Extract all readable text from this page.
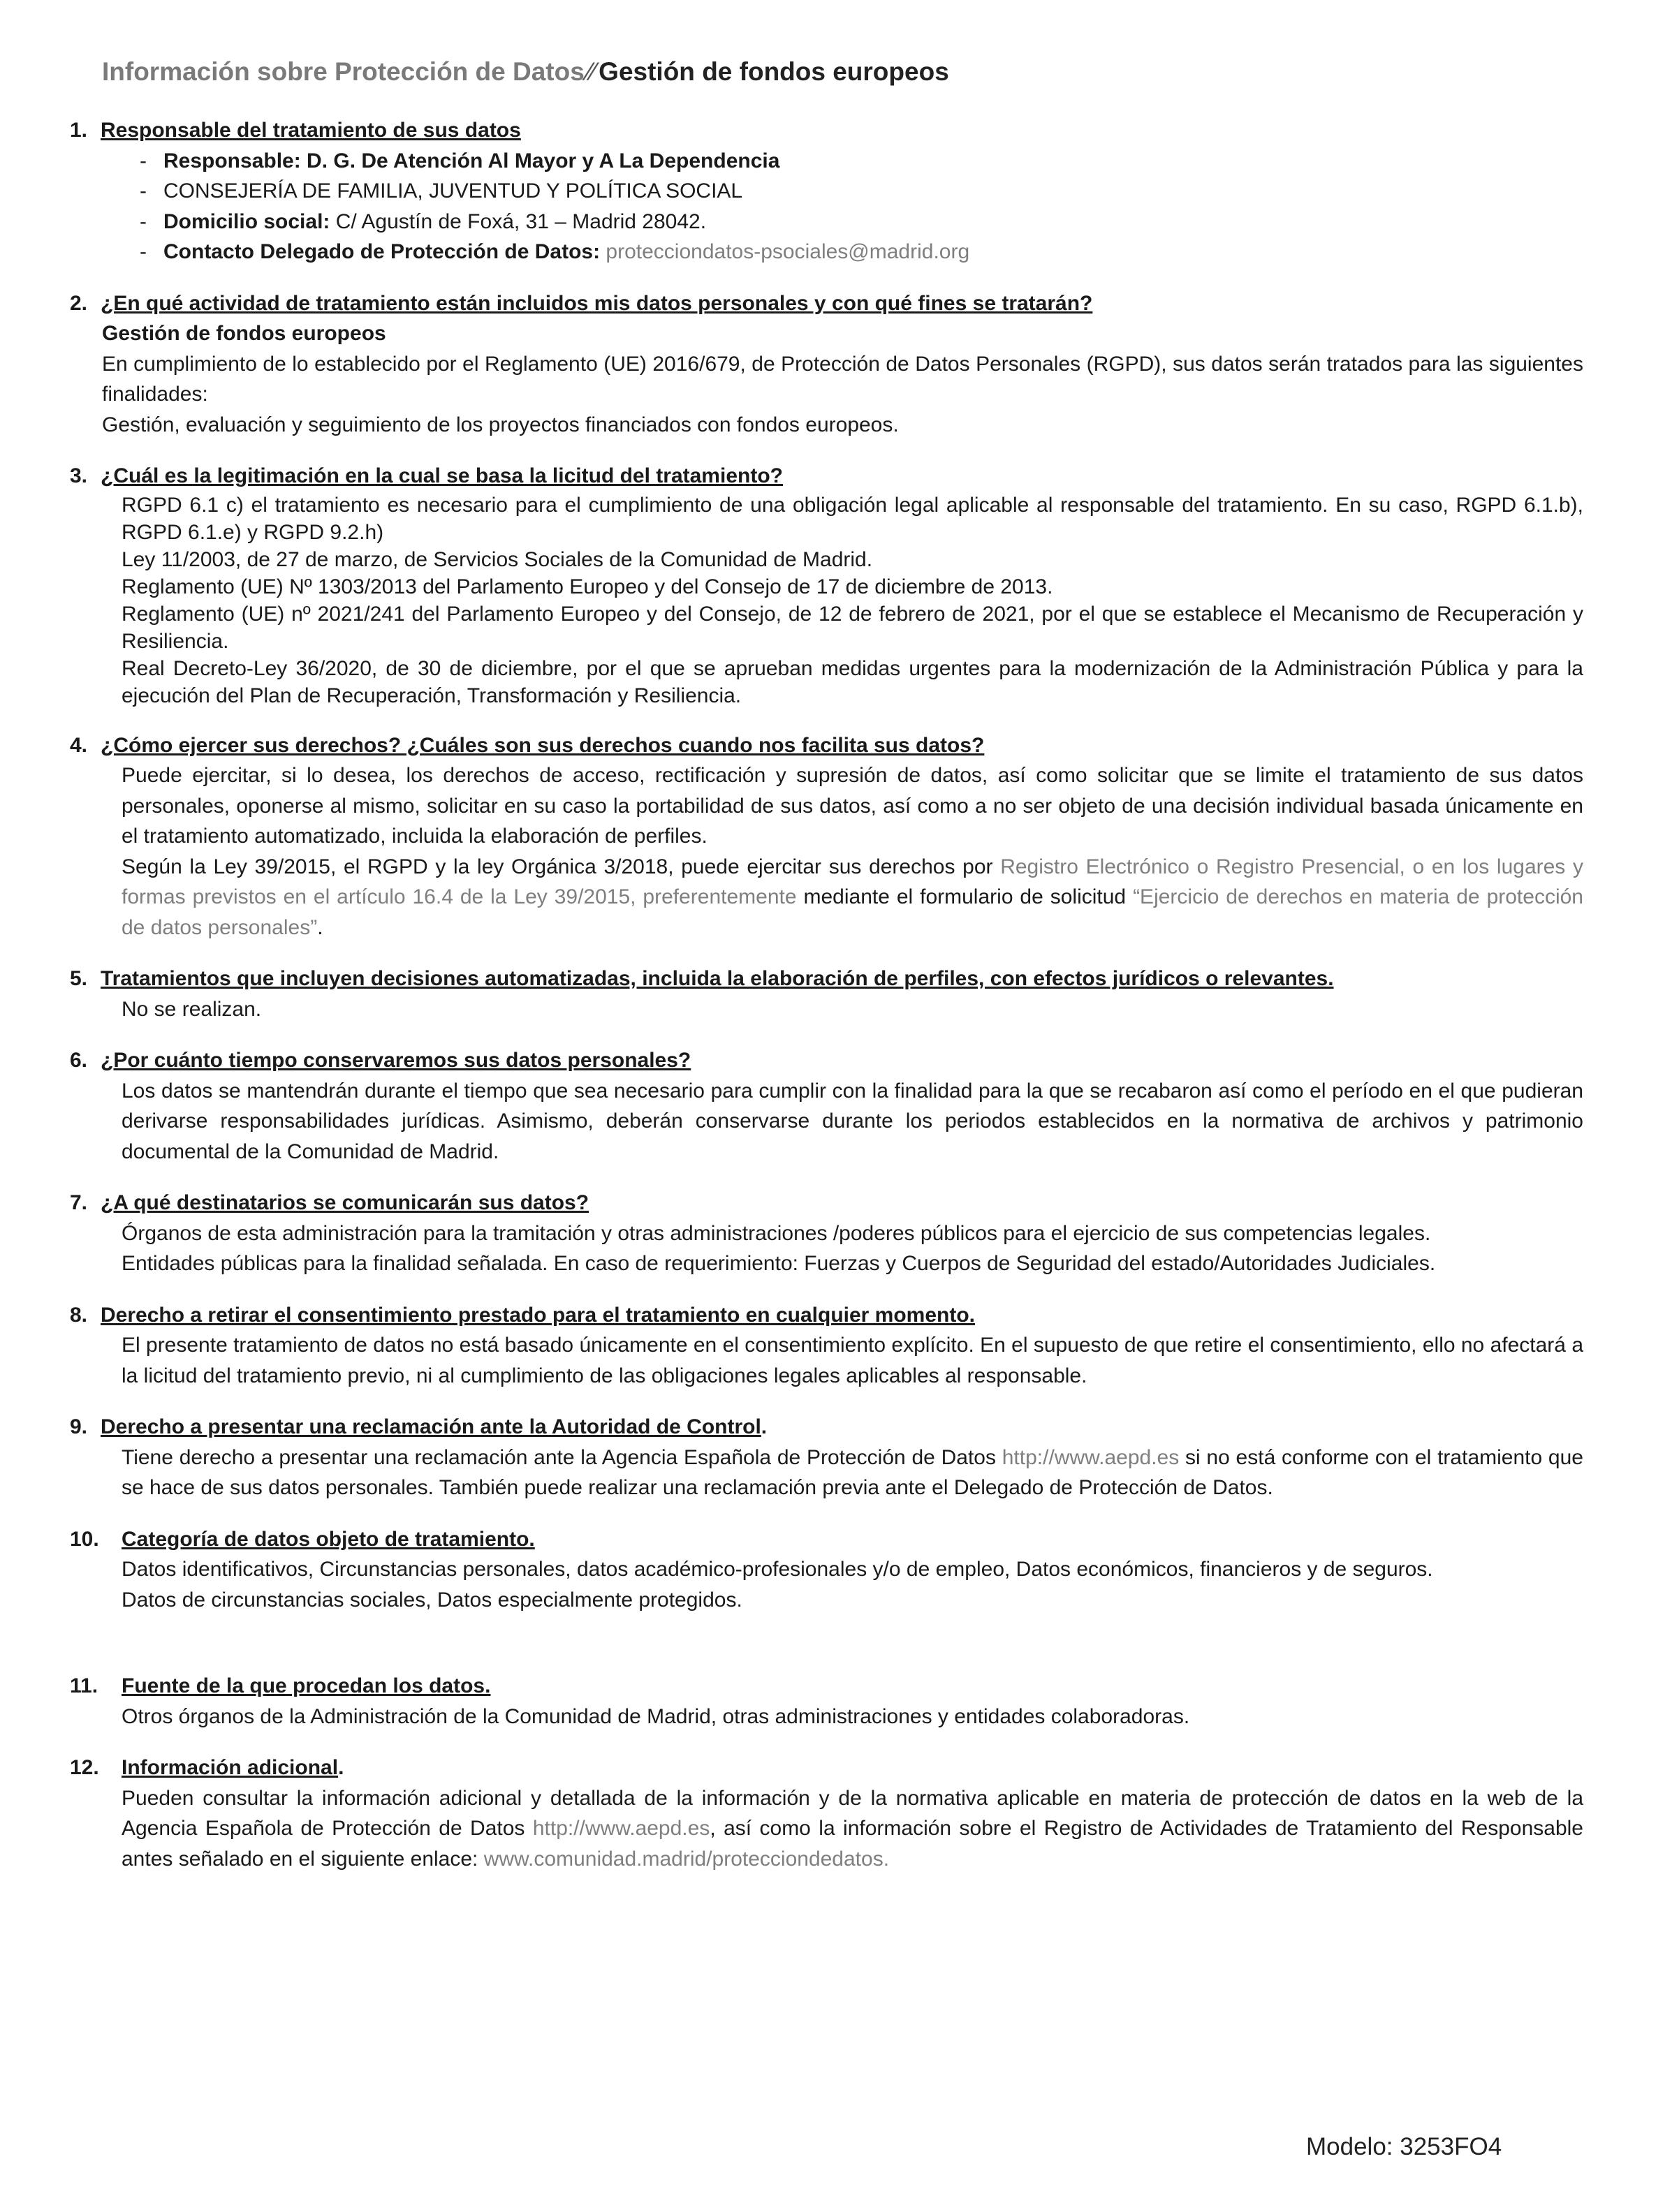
Información sobre Protección de Datos ⁄⁄ Gestión de fondos europeos
1. Responsable del tratamiento de sus datos
- Responsable: D. G. De Atención Al Mayor y A La Dependencia
- CONSEJERÍA DE FAMILIA, JUVENTUD Y POLÍTICA SOCIAL
- Domicilio social: C/ Agustín de Foxá, 31 – Madrid 28042.
- Contacto Delegado de Protección de Datos: protecciondatos-psociales@madrid.org
2. ¿En qué actividad de tratamiento están incluidos mis datos personales y con qué fines se tratarán?
Gestión de fondos europeos
En cumplimiento de lo establecido por el Reglamento (UE) 2016/679, de Protección de Datos Personales (RGPD), sus datos serán tratados para las siguientes finalidades:
Gestión, evaluación y seguimiento de los proyectos financiados con fondos europeos.
3. ¿Cuál es la legitimación en la cual se basa la licitud del tratamiento?
RGPD 6.1 c) el tratamiento es necesario para el cumplimiento de una obligación legal aplicable al responsable del tratamiento. En su caso, RGPD 6.1.b), RGPD 6.1.e) y RGPD 9.2.h)
Ley 11/2003, de 27 de marzo, de Servicios Sociales de la Comunidad de Madrid.
Reglamento (UE) Nº 1303/2013 del Parlamento Europeo y del Consejo de 17 de diciembre de 2013.
Reglamento (UE) nº 2021/241 del Parlamento Europeo y del Consejo, de 12 de febrero de 2021, por el que se establece el Mecanismo de Recuperación y Resiliencia.
Real Decreto-Ley 36/2020, de 30 de diciembre, por el que se aprueban medidas urgentes para la modernización de la Administración Pública y para la ejecución del Plan de Recuperación, Transformación y Resiliencia.
4. ¿Cómo ejercer sus derechos? ¿Cuáles son sus derechos cuando nos facilita sus datos?
Puede ejercitar, si lo desea, los derechos de acceso, rectificación y supresión de datos, así como solicitar que se limite el tratamiento de sus datos personales, oponerse al mismo, solicitar en su caso la portabilidad de sus datos, así como a no ser objeto de una decisión individual basada únicamente en el tratamiento automatizado, incluida la elaboración de perfiles.
Según la Ley 39/2015, el RGPD y la ley Orgánica 3/2018, puede ejercitar sus derechos por Registro Electrónico o Registro Presencial, o en los lugares y formas previstos en el artículo 16.4 de la Ley 39/2015, preferentemente mediante el formulario de solicitud “Ejercicio de derechos en materia de protección de datos personales”.
5. Tratamientos que incluyen decisiones automatizadas, incluida la elaboración de perfiles, con efectos jurídicos o relevantes.
No se realizan.
6. ¿Por cuánto tiempo conservaremos sus datos personales?
Los datos se mantendrán durante el tiempo que sea necesario para cumplir con la finalidad para la que se recabaron así como el período en el que pudieran derivarse responsabilidades jurídicas. Asimismo, deberán conservarse durante los periodos establecidos en la normativa de archivos y patrimonio documental de la Comunidad de Madrid.
7. ¿A qué destinatarios se comunicarán sus datos?
Órganos de esta administración para la tramitación y otras administraciones /poderes públicos para el ejercicio de sus competencias legales.
Entidades públicas para la finalidad señalada. En caso de requerimiento: Fuerzas y Cuerpos de Seguridad del estado/Autoridades Judiciales.
8. Derecho a retirar el consentimiento prestado para el tratamiento en cualquier momento.
El presente tratamiento de datos no está basado únicamente en el consentimiento explícito. En el supuesto de que retire el consentimiento, ello no afectará a la licitud del tratamiento previo, ni al cumplimiento de las obligaciones legales aplicables al responsable.
9. Derecho a presentar una reclamación ante la Autoridad de Control.
Tiene derecho a presentar una reclamación ante la Agencia Española de Protección de Datos http://www.aepd.es si no está conforme con el tratamiento que se hace de sus datos personales. También puede realizar una reclamación previa ante el Delegado de Protección de Datos.
10. Categoría de datos objeto de tratamiento.
Datos identificativos, Circunstancias personales, datos académico-profesionales y/o de empleo, Datos económicos, financieros y de seguros.
Datos de circunstancias sociales, Datos especialmente protegidos.
11. Fuente de la que procedan los datos.
Otros órganos de la Administración de la Comunidad de Madrid, otras administraciones y entidades colaboradoras.
12. Información adicional.
Pueden consultar la información adicional y detallada de la información y de la normativa aplicable en materia de protección de datos en la web de la Agencia Española de Protección de Datos http://www.aepd.es, así como la información sobre el Registro de Actividades de Tratamiento del Responsable antes señalado en el siguiente enlace: www.comunidad.madrid/protecciondedatos.
Modelo: 3253FO4
